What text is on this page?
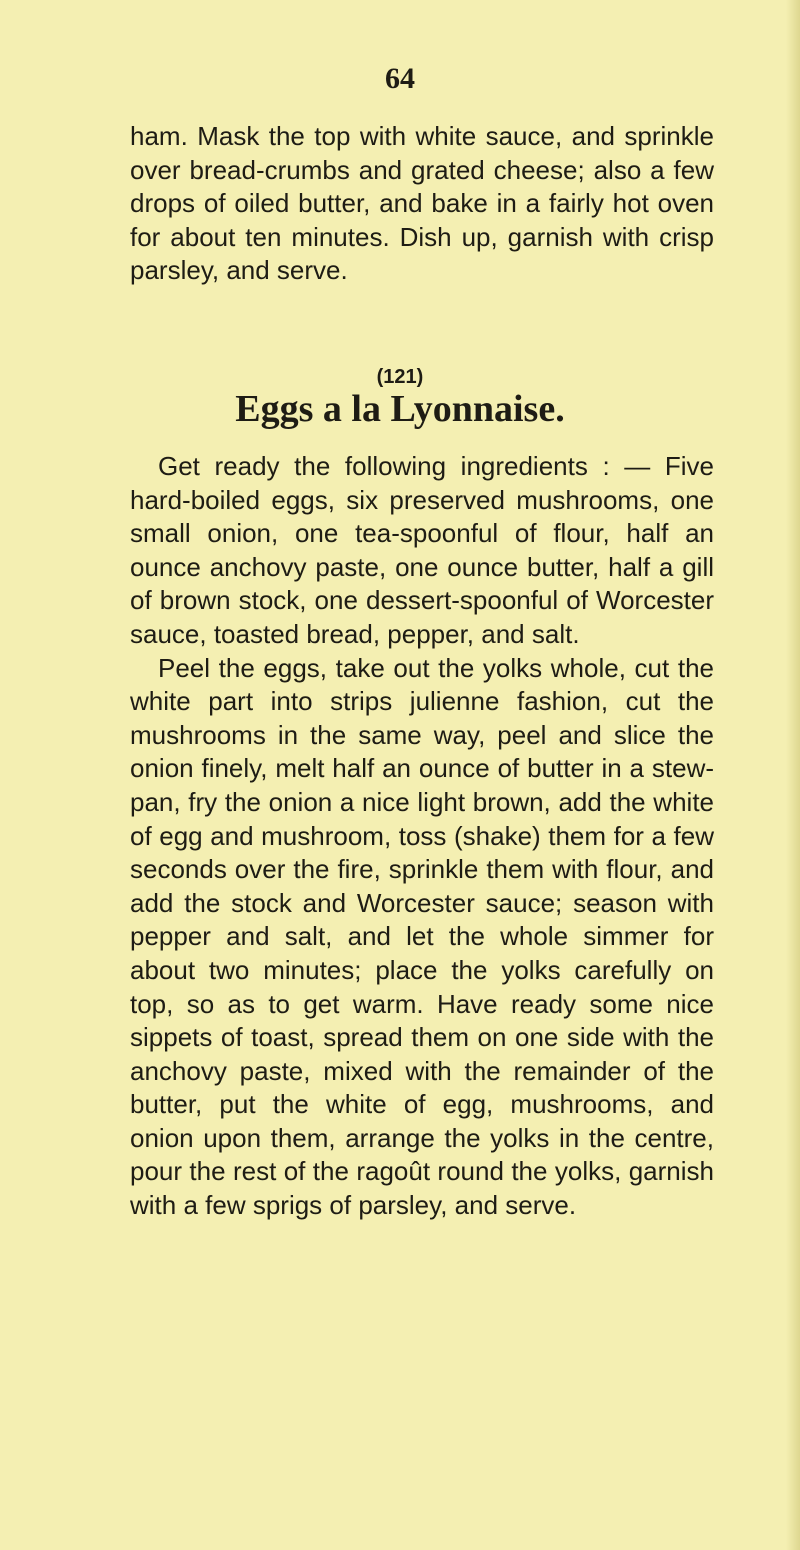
64

ham. Mask the top with white sauce, and sprinkle over bread-crumbs and grated cheese; also a few drops of oiled butter, and bake in a fairly hot oven for about ten minutes. Dish up, garnish with crisp parsley, and serve.

(121)
Eggs a la Lyonnaise.

Get ready the following ingredients : — Five hard-boiled eggs, six preserved mushrooms, one small onion, one tea-spoonful of flour, half an ounce anchovy paste, one ounce butter, half a gill of brown stock, one dessert-spoonful of Worcester sauce, toasted bread, pepper, and salt.

Peel the eggs, take out the yolks whole, cut the white part into strips julienne fashion, cut the mushrooms in the same way, peel and slice the onion finely, melt half an ounce of butter in a stew-pan, fry the onion a nice light brown, add the white of egg and mushroom, toss (shake) them for a few seconds over the fire, sprinkle them with flour, and add the stock and Worcester sauce; season with pepper and salt, and let the whole simmer for about two minutes; place the yolks carefully on top, so as to get warm. Have ready some nice sippets of toast, spread them on one side with the anchovy paste, mixed with the remainder of the butter, put the white of egg, mushrooms, and onion upon them, arrange the yolks in the centre, pour the rest of the ragoût round the yolks, garnish with a few sprigs of parsley, and serve.
